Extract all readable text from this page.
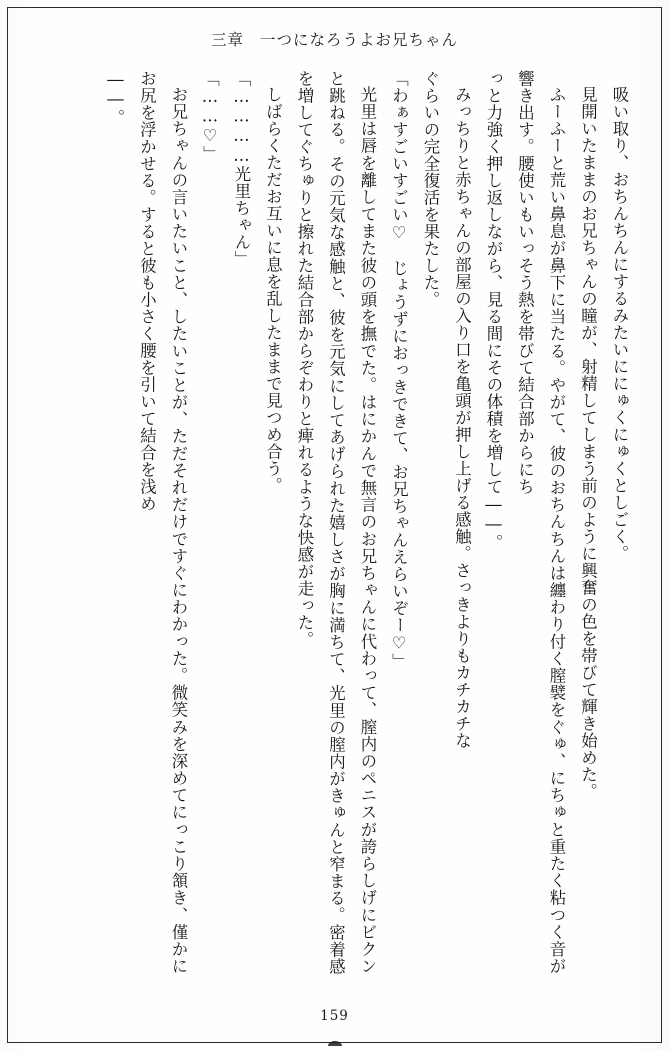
三章 一つになろうよお兄ちゃん

吸い取り、おちんちんにするみたいににゅくにゅくとしごく。

見開いたままのお兄ちゃんの瞳が、射精してしまう前のように興奮の色を帯びて輝き始めた。

ふーふーと荒い鼻息が鼻下に当たる。やがて、彼のおちんちんは纏わり付く膣襞をぐゅ、にちゅと重たく粘つく音が響き出す。腰使いもいっそう熱を帯びて結合部からにち

っと力強く押し返しながら、見る間にその体積を増して――。

みっちりと赤ちゃんの部屋の入り口を亀頭が押し上げる感触。さっきよりもカチカチな

ぐらいの完全復活を果たした。

「わぁすごいすごい♡　じょうずにおっきできて、お兄ちゃんえらいぞー♡」

光里は唇を離してまた彼の頭を撫でた。はにかんで無言のお兄ちゃんに代わって、膣内のペニスが誇らしげにビクンと跳ねる。その元気な感触と、彼を元気にしてあげられた嬉しさが胸に満ちて、光里の膣内がきゅんと窄まる。密着感を増してぐちゅりと擦れた結合部からぞわりと痺れるような快感が走った。

しばらくただお互いに息を乱したままで見つめ合う。

「…………光里ちゃん」

「……♡」

お兄ちゃんの言いたいこと、したいことが、ただそれだけですぐにわかった。微笑みを深めてにっこり頷き、僅かにお尻を浮かせる。すると彼も小さく腰を引いて結合を浅め

――。

159
